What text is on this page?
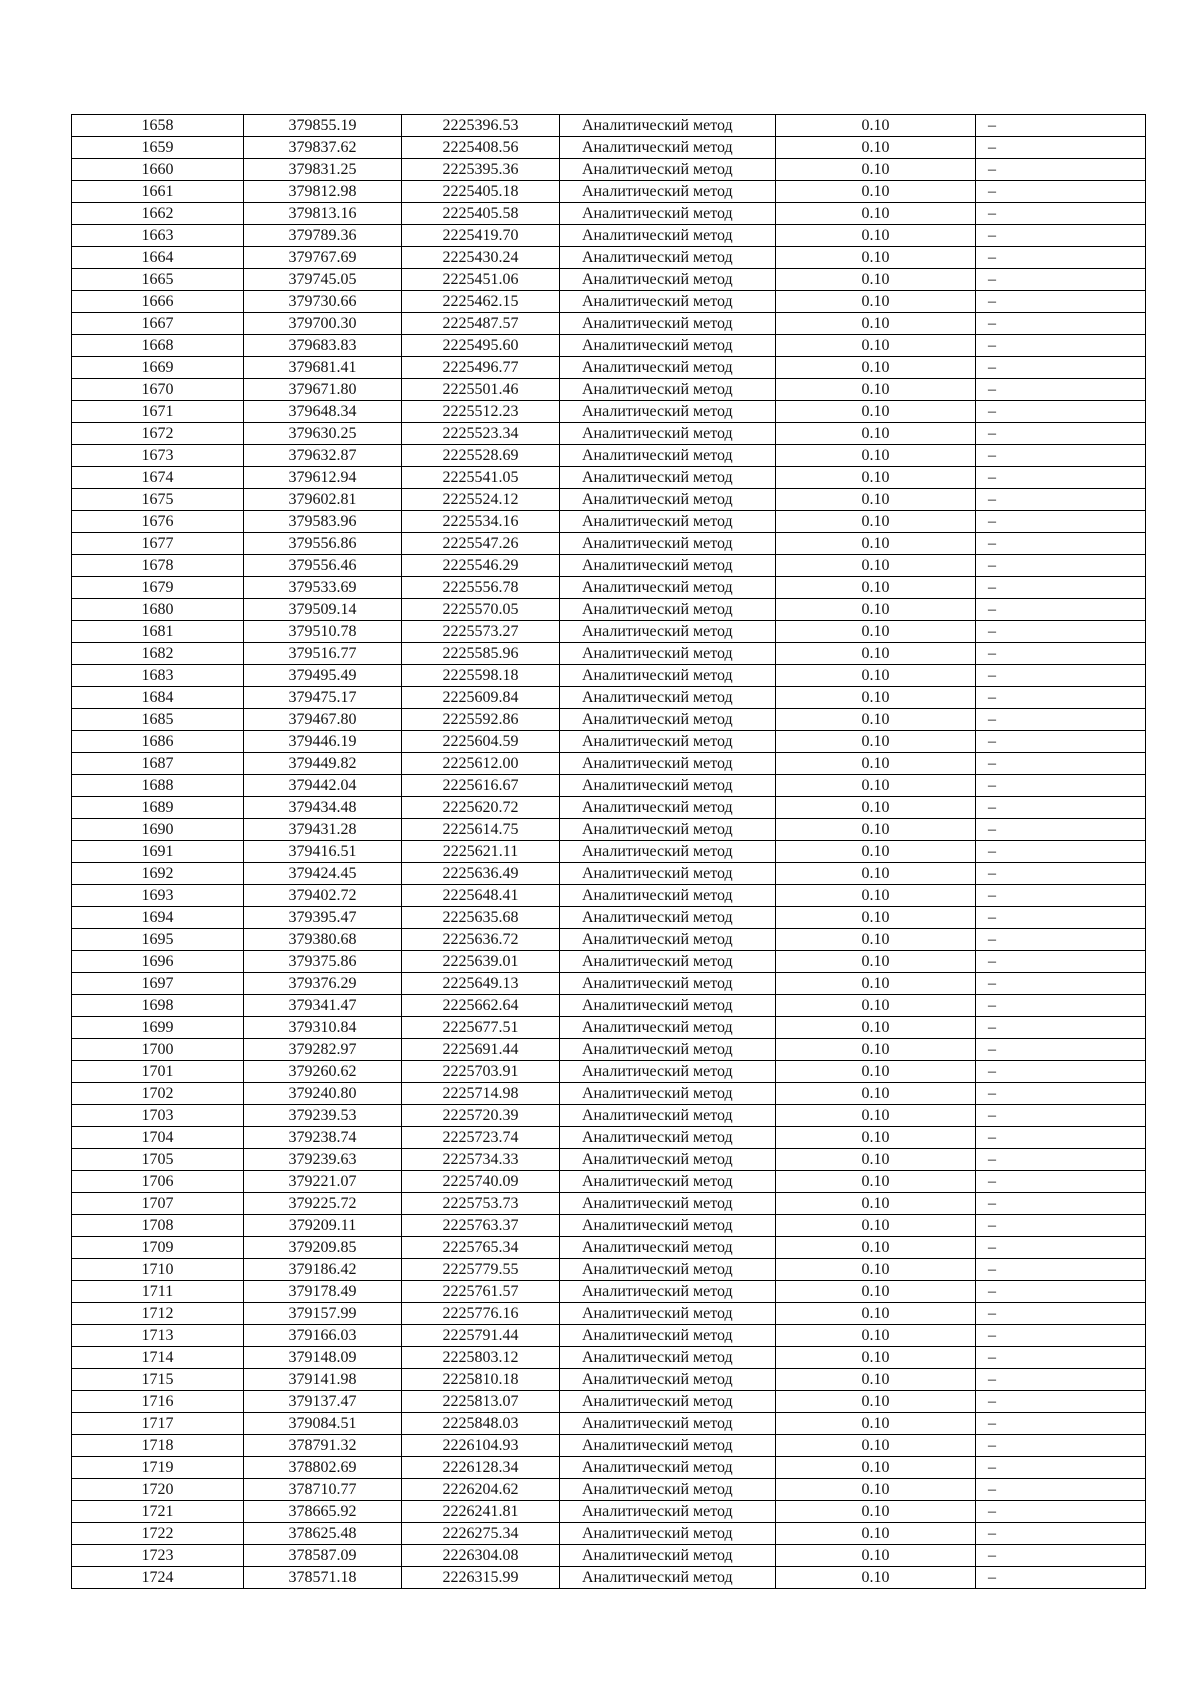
1658	379855.19	2225396.53	Аналитический метод	0.10	–
1659	379837.62	2225408.56	Аналитический метод	0.10	–
1660	379831.25	2225395.36	Аналитический метод	0.10	–
1661	379812.98	2225405.18	Аналитический метод	0.10	–
1662	379813.16	2225405.58	Аналитический метод	0.10	–
1663	379789.36	2225419.70	Аналитический метод	0.10	–
1664	379767.69	2225430.24	Аналитический метод	0.10	–
1665	379745.05	2225451.06	Аналитический метод	0.10	–
1666	379730.66	2225462.15	Аналитический метод	0.10	–
1667	379700.30	2225487.57	Аналитический метод	0.10	–
1668	379683.83	2225495.60	Аналитический метод	0.10	–
1669	379681.41	2225496.77	Аналитический метод	0.10	–
1670	379671.80	2225501.46	Аналитический метод	0.10	–
1671	379648.34	2225512.23	Аналитический метод	0.10	–
1672	379630.25	2225523.34	Аналитический метод	0.10	–
1673	379632.87	2225528.69	Аналитический метод	0.10	–
1674	379612.94	2225541.05	Аналитический метод	0.10	–
1675	379602.81	2225524.12	Аналитический метод	0.10	–
1676	379583.96	2225534.16	Аналитический метод	0.10	–
1677	379556.86	2225547.26	Аналитический метод	0.10	–
1678	379556.46	2225546.29	Аналитический метод	0.10	–
1679	379533.69	2225556.78	Аналитический метод	0.10	–
1680	379509.14	2225570.05	Аналитический метод	0.10	–
1681	379510.78	2225573.27	Аналитический метод	0.10	–
1682	379516.77	2225585.96	Аналитический метод	0.10	–
1683	379495.49	2225598.18	Аналитический метод	0.10	–
1684	379475.17	2225609.84	Аналитический метод	0.10	–
1685	379467.80	2225592.86	Аналитический метод	0.10	–
1686	379446.19	2225604.59	Аналитический метод	0.10	–
1687	379449.82	2225612.00	Аналитический метод	0.10	–
1688	379442.04	2225616.67	Аналитический метод	0.10	–
1689	379434.48	2225620.72	Аналитический метод	0.10	–
1690	379431.28	2225614.75	Аналитический метод	0.10	–
1691	379416.51	2225621.11	Аналитический метод	0.10	–
1692	379424.45	2225636.49	Аналитический метод	0.10	–
1693	379402.72	2225648.41	Аналитический метод	0.10	–
1694	379395.47	2225635.68	Аналитический метод	0.10	–
1695	379380.68	2225636.72	Аналитический метод	0.10	–
1696	379375.86	2225639.01	Аналитический метод	0.10	–
1697	379376.29	2225649.13	Аналитический метод	0.10	–
1698	379341.47	2225662.64	Аналитический метод	0.10	–
1699	379310.84	2225677.51	Аналитический метод	0.10	–
1700	379282.97	2225691.44	Аналитический метод	0.10	–
1701	379260.62	2225703.91	Аналитический метод	0.10	–
1702	379240.80	2225714.98	Аналитический метод	0.10	–
1703	379239.53	2225720.39	Аналитический метод	0.10	–
1704	379238.74	2225723.74	Аналитический метод	0.10	–
1705	379239.63	2225734.33	Аналитический метод	0.10	–
1706	379221.07	2225740.09	Аналитический метод	0.10	–
1707	379225.72	2225753.73	Аналитический метод	0.10	–
1708	379209.11	2225763.37	Аналитический метод	0.10	–
1709	379209.85	2225765.34	Аналитический метод	0.10	–
1710	379186.42	2225779.55	Аналитический метод	0.10	–
1711	379178.49	2225761.57	Аналитический метод	0.10	–
1712	379157.99	2225776.16	Аналитический метод	0.10	–
1713	379166.03	2225791.44	Аналитический метод	0.10	–
1714	379148.09	2225803.12	Аналитический метод	0.10	–
1715	379141.98	2225810.18	Аналитический метод	0.10	–
1716	379137.47	2225813.07	Аналитический метод	0.10	–
1717	379084.51	2225848.03	Аналитический метод	0.10	–
1718	378791.32	2226104.93	Аналитический метод	0.10	–
1719	378802.69	2226128.34	Аналитический метод	0.10	–
1720	378710.77	2226204.62	Аналитический метод	0.10	–
1721	378665.92	2226241.81	Аналитический метод	0.10	–
1722	378625.48	2226275.34	Аналитический метод	0.10	–
1723	378587.09	2226304.08	Аналитический метод	0.10	–
1724	378571.18	2226315.99	Аналитический метод	0.10	–
